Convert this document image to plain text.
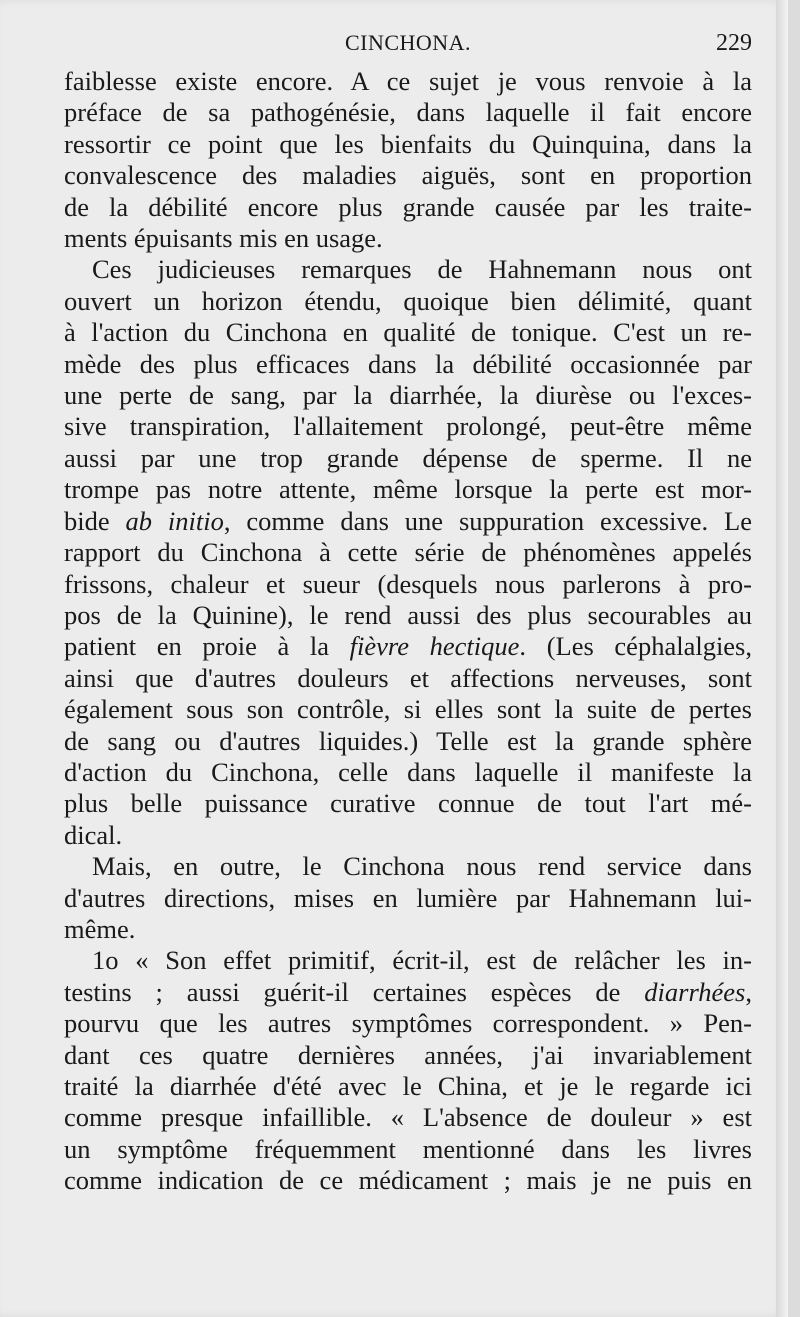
CINCHONA.	229
faiblesse existe encore. A ce sujet je vous renvoie à la
préface de sa pathogénésie, dans laquelle il fait encore
ressortir ce point que les bienfaits du Quinquina, dans la
convalescence des maladies aiguës, sont en proportion
de la débilité encore plus grande causée par les traite-
ments épuisants mis en usage.
Ces judicieuses remarques de Hahnemann nous ont
ouvert un horizon étendu, quoique bien délimité, quant
à l'action du Cinchona en qualité de tonique. C'est un re-
mède des plus efficaces dans la débilité occasionnée par
une perte de sang, par la diarrhée, la diurèse ou l'exces-
sive transpiration, l'allaitement prolongé, peut-être même
aussi par une trop grande dépense de sperme. Il ne
trompe pas notre attente, même lorsque la perte est mor-
bide ab initio, comme dans une suppuration excessive. Le
rapport du Cinchona à cette série de phénomènes appelés
frissons, chaleur et sueur (desquels nous parlerons à pro-
pos de la Quinine), le rend aussi des plus secourables au
patient en proie à la fièvre hectique. (Les céphalalgies,
ainsi que d'autres douleurs et affections nerveuses, sont
également sous son contrôle, si elles sont la suite de pertes
de sang ou d'autres liquides.) Telle est la grande sphère
d'action du Cinchona, celle dans laquelle il manifeste la
plus belle puissance curative connue de tout l'art mé-
dical.
Mais, en outre, le Cinchona nous rend service dans
d'autres directions, mises en lumière par Hahnemann lui-
même.
1o « Son effet primitif, écrit-il, est de relâcher les in-
testins ; aussi guérit-il certaines espèces de diarrhées,
pourvu que les autres symptômes correspondent. » Pen-
dant ces quatre dernières années, j'ai invariablement
traité la diarrhée d'été avec le China, et je le regarde ici
comme presque infaillible. « L'absence de douleur » est
un symptôme fréquemment mentionné dans les livres
comme indication de ce médicament ; mais je ne puis en
